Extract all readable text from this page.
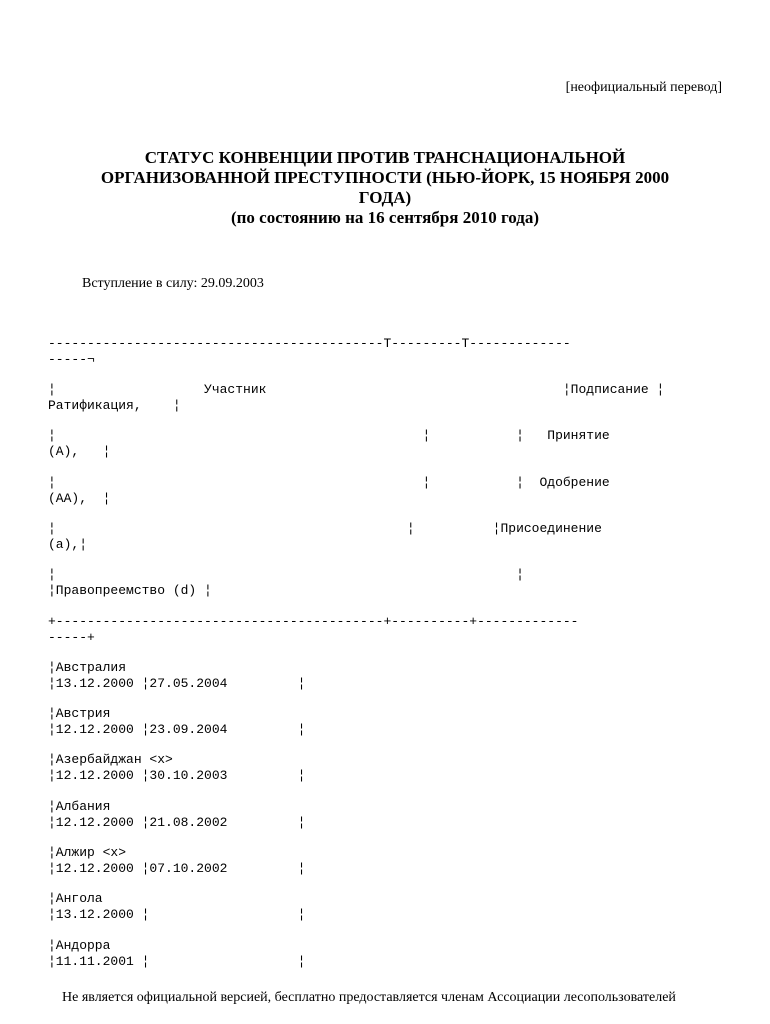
[неофициальный перевод]
СТАТУС КОНВЕНЦИИ ПРОТИВ ТРАНСНАЦИОНАЛЬНОЙ
ОРГАНИЗОВАННОЙ ПРЕСТУПНОСТИ (НЬЮ-ЙОРК, 15 НОЯБРЯ 2000
ГОДА)
(по состоянию на 16 сентября 2010 года)
Вступление в силу: 29.09.2003
-------------------------------------------T---------T-------------
-----¬
¦                   Участник                                      ¦Подписание ¦
Ратификация,    ¦
¦                                               ¦           ¦   Принятие
(А),   ¦
¦                                               ¦           ¦  Одобрение
(АА),  ¦
¦                                             ¦          ¦Присоединение
(a),¦
¦                                                           ¦
¦Правопреемство (d) ¦
+------------------------------------------+----------+-------------
-----+
¦Австралия
¦13.12.2000 ¦27.05.2004         ¦
¦Австрия
¦12.12.2000 ¦23.09.2004         ¦
¦Азербайджан <x>
¦12.12.2000 ¦30.10.2003         ¦
¦Албания
¦12.12.2000 ¦21.08.2002         ¦
¦Алжир <x>
¦12.12.2000 ¦07.10.2002         ¦
¦Ангола
¦13.12.2000 ¦                   ¦
¦Андорра
¦11.11.2001 ¦                   ¦
Не является официальной версией, бесплатно предоставляется членам Ассоциации лесопользователей
